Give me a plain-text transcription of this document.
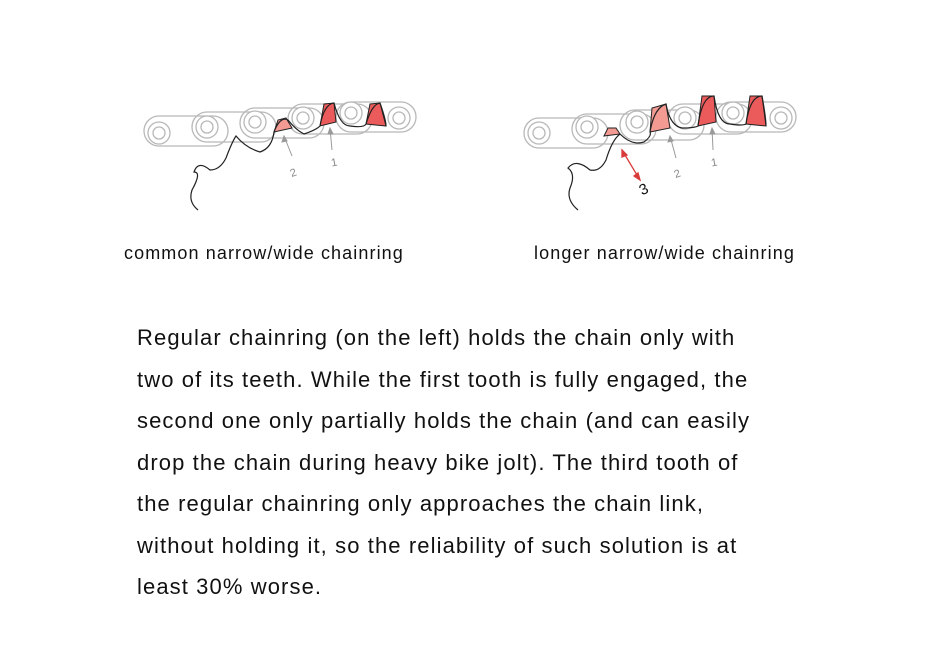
2
1
2
1
3
common narrow/wide chainring	longer narrow/wide chainring
Regular chainring (on the left) holds the chain only with
two of its teeth. While the first tooth is fully engaged, the
second one only partially holds the chain (and can easily
drop the chain during heavy bike jolt). The third tooth of
the regular chainring only approaches the chain link,
without holding it, so the reliability of such solution is at
least 30% worse.
